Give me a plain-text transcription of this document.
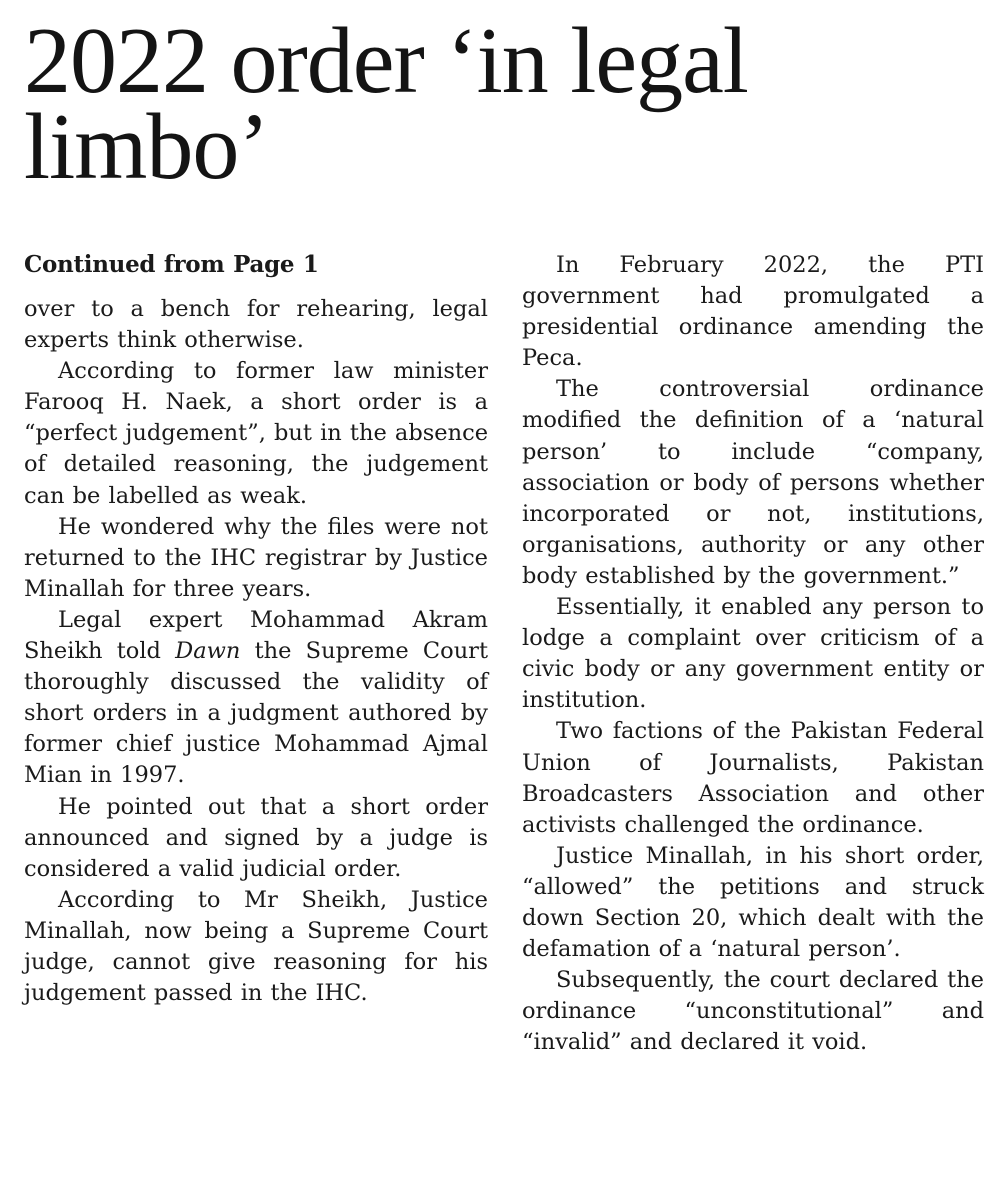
2022 order ‘in legal limbo’
Continued from Page 1

over to a bench for rehearing, legal experts think otherwise.

According to former law minister Farooq H. Naek, a short order is a “perfect judgement”, but in the absence of detailed reasoning, the judgement can be labelled as weak.

He wondered why the files were not returned to the IHC registrar by Justice Minallah for three years.

Legal expert Mohammad Akram Sheikh told Dawn the Supreme Court thoroughly discussed the validity of short orders in a judgment authored by former chief justice Mohammad Ajmal Mian in 1997.

He pointed out that a short order announced and signed by a judge is considered a valid judicial order.

According to Mr Sheikh, Justice Minallah, now being a Supreme Court judge, cannot give reasoning for his judgement passed in the IHC.

In February 2022, the PTI government had promulgated a presidential ordinance amending the Peca.

The controversial ordinance modified the definition of a ‘natural person’ to include “company, association or body of persons whether incorporated or not, institutions, organisations, authority or any other body established by the government.”

Essentially, it enabled any person to lodge a complaint over criticism of a civic body or any government entity or institution.

Two factions of the Pakistan Federal Union of Journalists, Pakistan Broadcasters Association and other activists challenged the ordinance.

Justice Minallah, in his short order, “allowed” the petitions and struck down Section 20, which dealt with the defamation of a ‘natural person’.

Subsequently, the court declared the ordinance “unconstitutional” and “invalid” and declared it void.
